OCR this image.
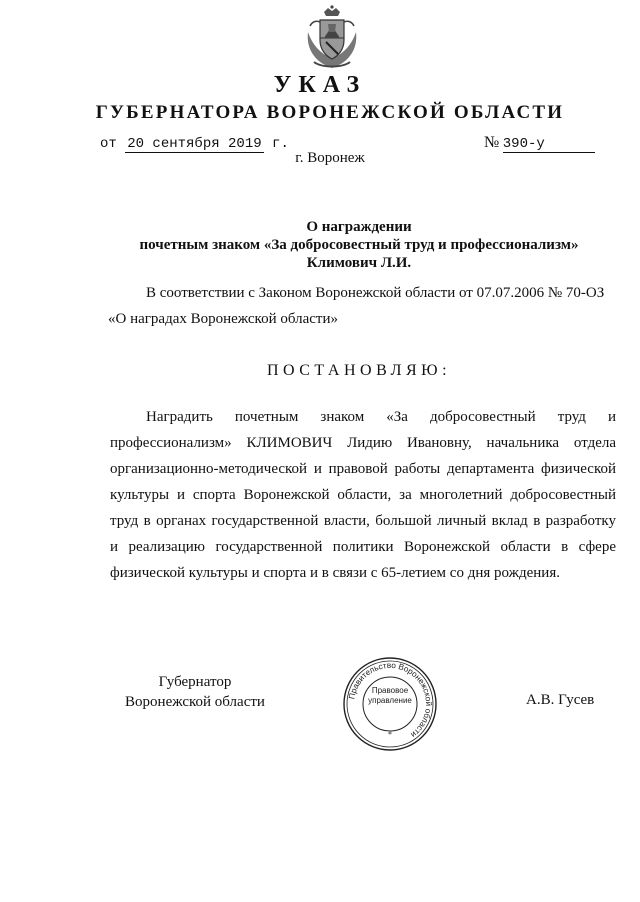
УКАЗ
ГУБЕРНАТОРА ВОРОНЕЖСКОЙ ОБЛАСТИ
от 20 сентября 2019 г.	№ 390-у
г. Воронеж
О награждении
почетным знаком «За добросовестный труд и профессионализм»
Климович Л.И.
В соответствии с Законом Воронежской области от 07.07.2006 № 70-ОЗ
«О наградах Воронежской области»
ПОСТАНОВЛЯЮ:
Наградить почетным знаком «За добросовестный труд и
профессионализм» КЛИМОВИЧ Лидию Ивановну, начальника отдела
организационно-методической и правовой работы департамента физической
культуры и спорта Воронежской области, за многолетний добросовестный
труд в органах государственной власти, большой личный вклад в разработку
и реализацию государственной политики Воронежской области в сфере
физической культуры и спорта и в связи с 65-летием со дня рождения.
Губернатор
Воронежской области	Правительство Воронежской области
Правовое
управление
*
А.В. Гусев
